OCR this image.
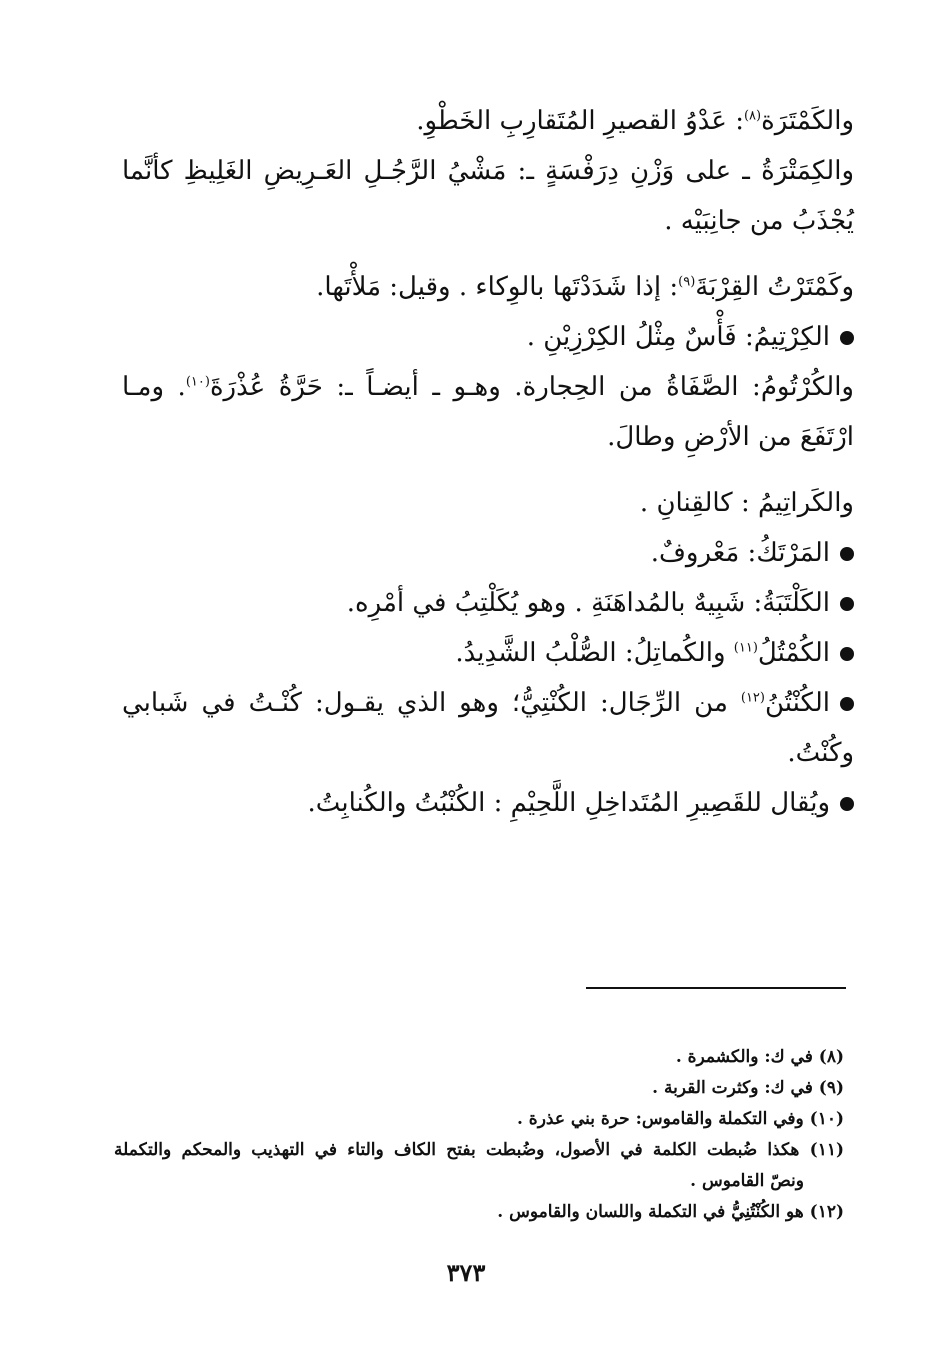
والكَمْتَرَة$^{(٨)}$: عَدْوُ القصيرِ المُتَقارِبِ الخَطْوِ.
والكِمَتْرَةُ ـ على وَزْنِ دِرَفْسَةٍ ـ: مَشْيُ الرَّجُـلِ العَـرِيضِ الغَلِيظِ كأنَّما
يُجْذَبُ من جانِبَيْه .
وكَمْتَرْتُ القِرْبَةَ$^{(٩)}$: إذا شَدَدْتَها بالوِكاء . وقيل: مَلأْتَها.
الكِرْتِيمُ: فَأْسٌ مِثْلُ الكِرْزِيْنِ .
والكُرْتُومُ: الصَّفَاةُ من الحِجارة. وهـو ـ أيضـاً ـ: حَرَّةُ عُذْرَةَ$^{(١٠)}$. ومـا
ارْتَفَعَ من الأرْضِ وطالَ.
والكَراتِيمُ : كالقِنانِ .
المَرْتَكُ: مَعْروفٌ.
الكَلْتَبَةُ: شَبِيهٌ بالمُداهَنَةِ . وهو يُكَلْتِبُ في أمْرِه.
الكُمْتُلُ$^{(١١)}$ والكُماتِلُ: الصُّلْبُ الشَّدِيدُ.
الكُنْتُنُ$^{(١٢)}$ من الرِّجَال: الكُنْتِيُّ؛ وهو الذي يقـول: كُنْـتُ في شَبابي
وكُنْتُ.
ويُقال للقَصِيرِ المُتَداخِلِ اللَّحِيْمِ : الكُنْبُتُ والكُنابِتُ.
(٨) في ك: والكشمرة .
(٩) في ك: وكثرت القربة .
(١٠) وفي التكملة والقاموس: حرة بني عذرة .
(١١) هكذا ضُبطت الكلمة في الأصول، وضُبطت بفتح الكاف والتاء في التهذيب والمحكم والتكملة
ونصّ القاموس .
(١٢) هو الكُنْتُنِيُّ في التكملة واللسان والقاموس .
٣٧٣
